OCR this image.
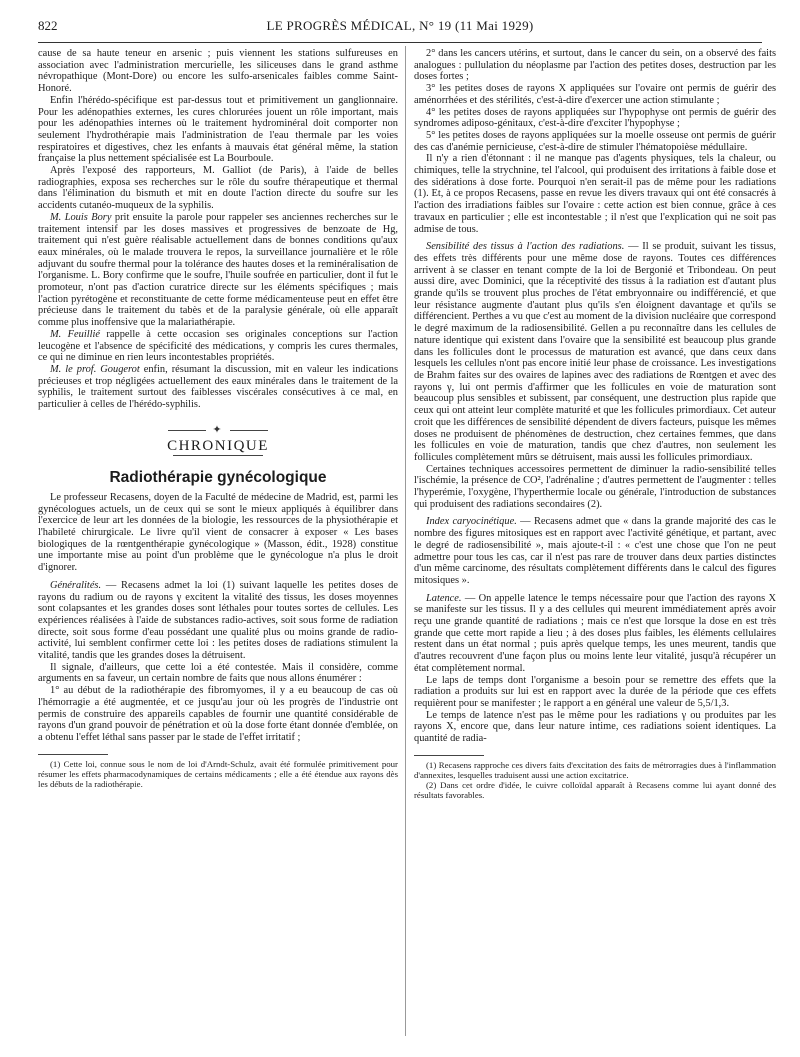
822	LE PROGRÈS MÉDICAL, N° 19 (11 Mai 1929)

cause de sa haute teneur en arsenic ; puis viennent les stations sulfureuses en association avec l'administration mercurielle, les siliceuses dans le grand asthme névropathique (Mont-Dore) ou encore les sulfo-arsenicales faibles comme Saint-Honoré.

Enfin l'hérédo-spécifique est par-dessus tout et primitivement un ganglionnaire. Pour les adénopathies externes, les cures chlorurées jouent un rôle important, mais pour les adénopathies internes où le traitement hydrominéral doit comporter non seulement l'hydrothérapie mais l'administration de l'eau thermale par les voies respiratoires et digestives, chez les enfants à mauvais état général même, la station française la plus nettement spécialisée est La Bourboule.

Après l'exposé des rapporteurs, M. Galliot (de Paris), à l'aide de belles radiographies, exposa ses recherches sur le rôle du soufre thérapeutique et thermal dans l'élimination du bismuth et mit en doute l'action directe du soufre sur les accidents cutanéo-muqueux de la syphilis.

M. Louis Bory prit ensuite la parole pour rappeler ses anciennes recherches sur le traitement intensif par les doses massives et progressives de benzoate de Hg, traitement qui n'est guère réalisable actuellement dans de bonnes conditions qu'aux eaux minérales, où le malade trouvera le repos, la surveillance journalière et le rôle adjuvant du soufre thermal pour la tolérance des hautes doses et la reminéralisation de l'organisme. L. Bory confirme que le soufre, l'huile soufrée en particulier, dont il fut le promoteur, n'ont pas d'action curatrice directe sur les éléments spécifiques ; mais l'action pyrétogène et reconstituante de cette forme médicamenteuse peut en effet être précieuse dans le traitement du tabès et de la paralysie générale, où elle apparaît comme plus inoffensive que la malariathérapie.

M. Feuillié rappelle à cette occasion ses originales conceptions sur l'action leucogène et l'absence de spécificité des médications, y compris les cures thermales, ce qui ne diminue en rien leurs incontestables propriétés.

M. le prof. Gougerot enfin, résumant la discussion, mit en valeur les indications précieuses et trop négligées actuellement des eaux minérales dans le traitement de la syphilis, le traitement surtout des faiblesses viscérales consécutives à ce mal, en particulier à celles de l'hérédo-syphilis.

✦
CHRONIQUE
Radiothérapie gynécologique

Le professeur Recasens, doyen de la Faculté de médecine de Madrid, est, parmi les gynécologues actuels, un de ceux qui se sont le mieux appliqués à équilibrer dans l'exercice de leur art les données de la biologie, les ressources de la physiothérapie et l'habileté chirurgicale. Le livre qu'il vient de consacrer à exposer « Les bases biologiques de la rœntgenthérapie gynécologique » (Masson, édit., 1928) constitue une importante mise au point d'un problème que le gynécologue n'a plus le droit d'ignorer.

Généralités. — Recasens admet la loi (1) suivant laquelle les petites doses de rayons du radium ou de rayons γ excitent la vitalité des tissus, les doses moyennes sont colapsantes et les grandes doses sont léthales pour toutes sortes de cellules. Les expériences réalisées à l'aide de substances radio-actives, soit sous forme de radiation directe, soit sous forme d'eau possédant une qualité plus ou moins grande de radio-activité, lui semblent confirmer cette loi : les petites doses de radiations stimulent la vitalité, tandis que les grandes doses la détruisent.

Il signale, d'ailleurs, que cette loi a été contestée. Mais il considère, comme arguments en sa faveur, un certain nombre de faits que nous allons énumérer :

1° au début de la radiothérapie des fibromyomes, il y a eu beaucoup de cas où l'hémorragie a été augmentée, et ce jusqu'au jour où les progrès de l'industrie ont permis de construire des appareils capables de fournir une quantité considérable de rayons d'un grand pouvoir de pénétration et où la dose forte étant donnée d'emblée, on a obtenu l'effet léthal sans passer par le stade de l'effet irritatif ;

(1) Cette loi, connue sous le nom de loi d'Arndt-Schulz, avait été formulée primitivement pour résumer les effets pharmacodynamiques de certains médicaments ; elle a été étendue aux rayons dès les débuts de la radiothérapie.

2° dans les cancers utérins, et surtout, dans le cancer du sein, on a observé des faits analogues : pullulation du néoplasme par l'action des petites doses, destruction par les doses fortes ;

3° les petites doses de rayons X appliquées sur l'ovaire ont permis de guérir des aménorrhées et des stérilités, c'est-à-dire d'exercer une action stimulante ;

4° les petites doses de rayons appliquées sur l'hypophyse ont permis de guérir des syndromes adiposo-génitaux, c'est-à-dire d'exciter l'hypophyse ;

5° les petites doses de rayons appliquées sur la moelle osseuse ont permis de guérir des cas d'anémie pernicieuse, c'est-à-dire de stimuler l'hématopoièse médullaire.

Il n'y a rien d'étonnant : il ne manque pas d'agents physiques, tels la chaleur, ou chimiques, telle la strychnine, tel l'alcool, qui produisent des irritations à faible dose et des sidérations à dose forte. Pourquoi n'en serait-il pas de même pour les radiations (1). Et, à ce propos Recasens, passe en revue les divers travaux qui ont été consacrés à l'action des irradiations faibles sur l'ovaire : cette action est bien connue, grâce à ces travaux en particulier ; elle est incontestable ; il n'est que l'explication qui ne soit pas admise de tous.

Sensibilité des tissus à l'action des radiations. — Il se produit, suivant les tissus, des effets très différents pour une même dose de rayons. Toutes ces différences arrivent à se classer en tenant compte de la loi de Bergonié et Tribondeau. On peut aussi dire, avec Dominici, que la réceptivité des tissus à la radiation est d'autant plus grande qu'ils se trouvent plus proches de l'état embryonnaire ou indifférencié, et que leur résistance augmente d'autant plus qu'ils s'en éloignent davantage et qu'ils se différencient. Perthes a vu que c'est au moment de la division nucléaire que correspond le degré maximum de la radiosensibilité. Gellen a pu reconnaître dans les cellules de nature identique qui existent dans l'ovaire que la sensibilité est beaucoup plus grande dans les follicules dont le processus de maturation est avancé, que dans ceux dans lesquels les cellules n'ont pas encore initié leur phase de croissance. Les investigations de Brahm faites sur des ovaires de lapines avec des radiations de Rœntgen et avec des rayons γ, lui ont permis d'affirmer que les follicules en voie de maturation sont beaucoup plus sensibles et subissent, par conséquent, une destruction plus rapide que ceux qui ont atteint leur complète maturité et que les follicules primordiaux. Cet auteur croit que les différences de sensibilité dépendent de divers facteurs, puisque les mêmes doses ne produisent de phénomènes de destruction, chez certaines femmes, que dans les follicules en voie de maturation, tandis que chez d'autres, non seulement les follicules complètement mûrs se détruisent, mais aussi les follicules primordiaux.

Certaines techniques accessoires permettent de diminuer la radio-sensibilité telles l'ischémie, la présence de CO², l'adrénaline ; d'autres permettent de l'augmenter : telles l'hyperémie, l'oxygène, l'hyperthermie locale ou générale, l'introduction de substances qui produisent des radiations secondaires (2).

Index caryocinétique. — Recasens admet que « dans la grande majorité des cas le nombre des figures mitosiques est en rapport avec l'activité génétique, et partant, avec le degré de radiosensibilité », mais ajoute-t-il : « c'est une chose que l'on ne peut admettre pour tous les cas, car il n'est pas rare de trouver dans deux parties distinctes d'un même carcinome, des résultats complètement différents dans le calcul des figures mitosiques ».

Latence. — On appelle latence le temps nécessaire pour que l'action des rayons X se manifeste sur les tissus. Il y a des cellules qui meurent immédiatement après avoir reçu une grande quantité de radiations ; mais ce n'est que lorsque la dose en est très grande que cette mort rapide a lieu ; à des doses plus faibles, les éléments cellulaires restent dans un état normal ; puis après quelque temps, les unes meurent, tandis que d'autres recouvrent d'une façon plus ou moins lente leur vitalité, jusqu'à récupérer un état complètement normal.

Le laps de temps dont l'organisme a besoin pour se remettre des effets que la radiation a produits sur lui est en rapport avec la durée de la période que ces effets requièrent pour se manifester ; le rapport a en général une valeur de 5,5/1,3.

Le temps de latence n'est pas le même pour les radiations γ ou produites par les rayons X, encore que, dans leur nature intime, ces radiations soient identiques. La quantité de radia-

(1) Recasens rapproche ces divers faits d'excitation des faits de métrorragies dues à l'inflammation d'annexites, lesquelles traduisent aussi une action excitatrice.

(2) Dans cet ordre d'idée, le cuivre colloïdal apparaît à Recasens comme lui ayant donné des résultats favorables.
